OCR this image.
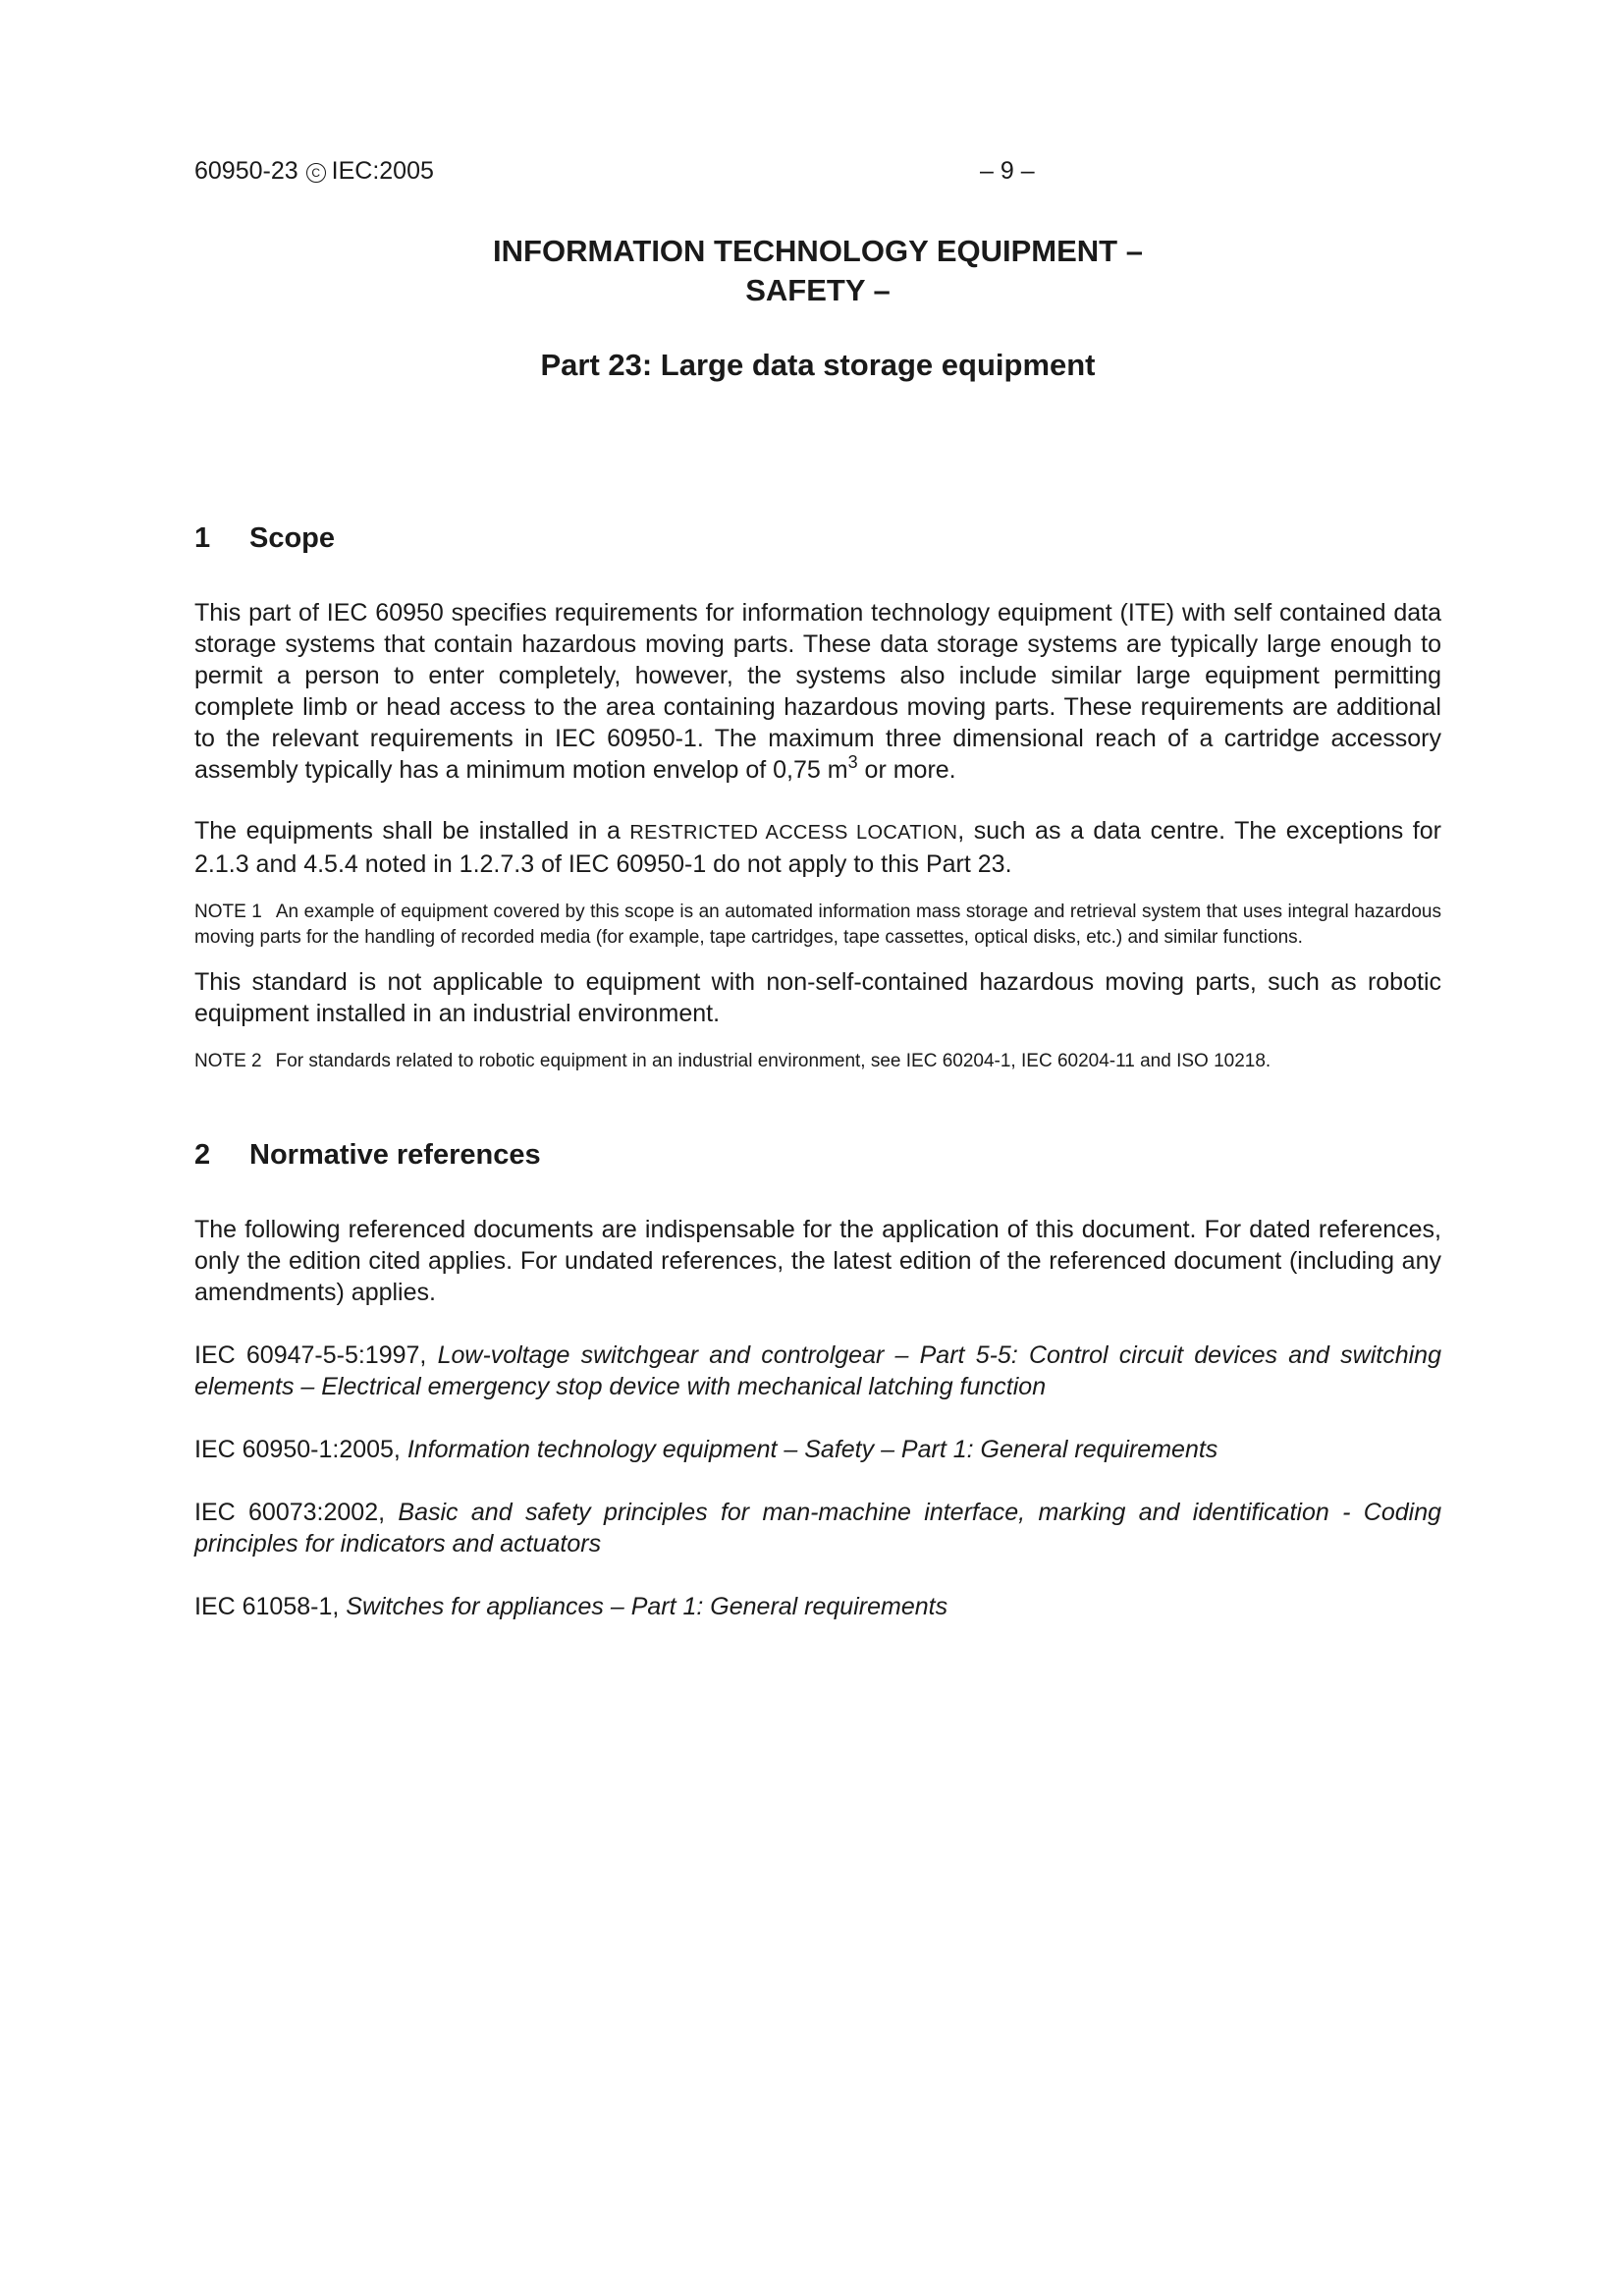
60950-23 C IEC:2005	– 9 –
INFORMATION TECHNOLOGY EQUIPMENT –
SAFETY –
Part 23: Large data storage equipment
1 Scope

This part of IEC 60950 specifies requirements for information technology equipment (ITE) with self contained data storage systems that contain hazardous moving parts. These data storage systems are typically large enough to permit a person to enter completely, however, the systems also include similar large equipment permitting complete limb or head access to the area containing hazardous moving parts. These requirements are additional to the relevant requirements in IEC 60950-1. The maximum three dimensional reach of a cartridge accessory assembly typically has a minimum motion envelop of 0,75 $m^3$ or more.

The equipments shall be installed in a RESTRICTED ACCESS LOCATION, such as a data centre. The exceptions for 2.1.3 and 4.5.4 noted in 1.2.7.3 of IEC 60950-1 do not apply to this Part 23.

NOTE 1 An example of equipment covered by this scope is an automated information mass storage and retrieval system that uses integral hazardous moving parts for the handling of recorded media (for example, tape cartridges, tape cassettes, optical disks, etc.) and similar functions.

This standard is not applicable to equipment with non-self-contained hazardous moving parts, such as robotic equipment installed in an industrial environment.

NOTE 2 For standards related to robotic equipment in an industrial environment, see IEC 60204-1, IEC 60204-11 and ISO 10218.

2 Normative references

The following referenced documents are indispensable for the application of this document. For dated references, only the edition cited applies. For undated references, the latest edition of the referenced document (including any amendments) applies.

IEC 60947-5-5:1997, Low-voltage switchgear and controlgear – Part 5-5: Control circuit devices and switching elements – Electrical emergency stop device with mechanical latching function

IEC 60950-1:2005, Information technology equipment – Safety – Part 1: General requirements

IEC 60073:2002, Basic and safety principles for man-machine interface, marking and identification - Coding principles for indicators and actuators

IEC 61058-1, Switches for appliances – Part 1: General requirements
